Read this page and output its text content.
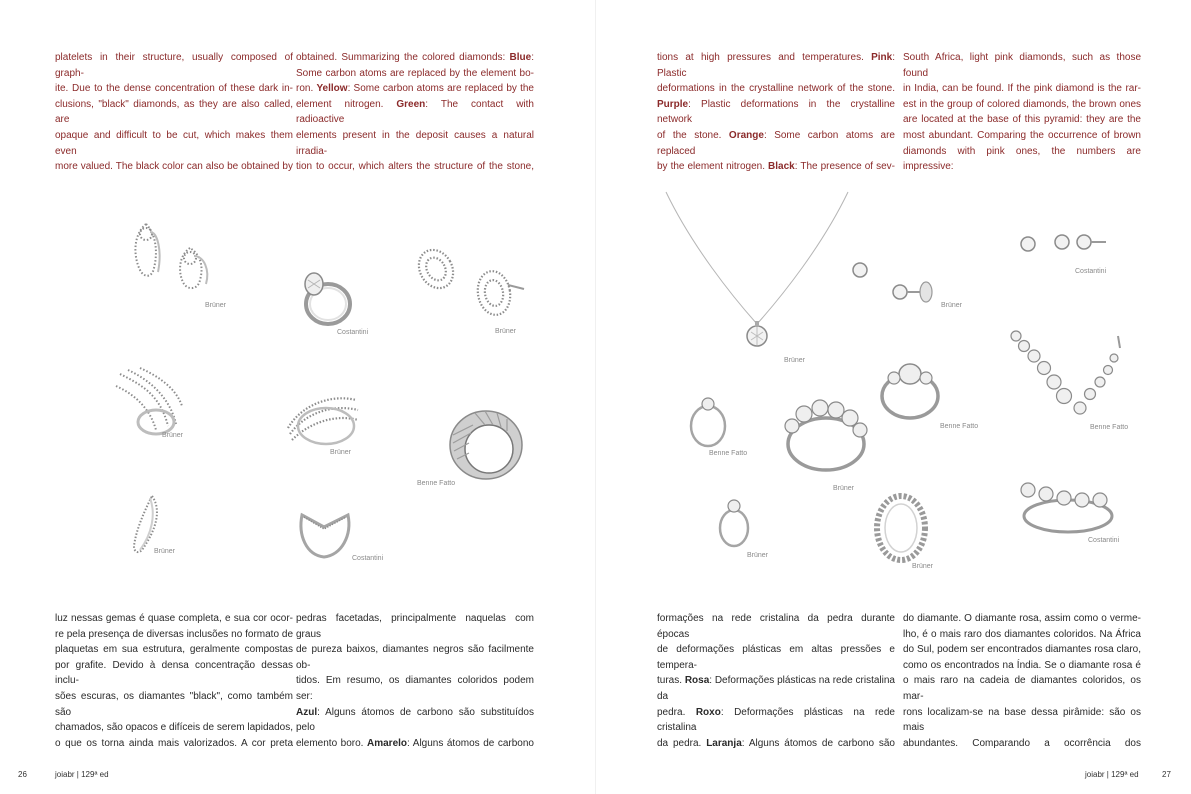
platelets in their structure, usually composed of graph-
ite. Due to the dense concentration of these dark in-
clusions, "black" diamonds, as they are also called, are
opaque and difficult to be cut, which makes them even
more valued. The black color can also be obtained by
obtained. Summarizing the colored diamonds: Blue:
Some carbon atoms are replaced by the element bo-
ron. Yellow: Some carbon atoms are replaced by the
element nitrogen. Green: The contact with radioactive
elements present in the deposit causes a natural irradia-
tion to occur, which alters the structure of the stone,
tions at high pressures and temperatures. Pink: Plastic
deformations in the crystalline network of the stone.
Purple: Plastic deformations in the crystalline network
of the stone. Orange: Some carbon atoms are replaced
by the element nitrogen. Black: The presence of sev-
South Africa, light pink diamonds, such as those found
in India, can be found. If the pink diamond is the rar-
est in the group of colored diamonds, the brown ones
are located at the base of this pyramid: they are the
most abundant. Comparing the occurrence of brown
diamonds with pink ones, the numbers are impressive:
luz nessas gemas é quase completa, e sua cor ocor-
re pela presença de diversas inclusões no formato de
plaquetas em sua estrutura, geralmente compostas
por grafite. Devido à densa concentração dessas inclu-
sões escuras, os diamantes "black", como também são
chamados, são opacos e difíceis de serem lapidados,
o que os torna ainda mais valorizados. A cor preta
pedras facetadas, principalmente naquelas com graus
de pureza baixos, diamantes negros são facilmente ob-
tidos. Em resumo, os diamantes coloridos podem ser:
Azul: Alguns átomos de carbono são substituídos pelo
elemento boro. Amarelo: Alguns átomos de carbono
formações na rede cristalina da pedra durante épocas
de deformações plásticas em altas pressões e tempera-
turas. Rosa: Deformações plásticas na rede cristalina da
pedra. Roxo: Deformações plásticas na rede cristalina
da pedra. Laranja: Alguns átomos de carbono são
do diamante. O diamante rosa, assim como o verme-
lho, é o mais raro dos diamantes coloridos. Na África
do Sul, podem ser encontrados diamantes rosa claro,
como os encontrados na Índia. Se o diamante rosa é
o mais raro na cadeia de diamantes coloridos, os mar-
rons localizam-se na base dessa pirâmide: são os mais
abundantes. Comparando a ocorrência dos
Brüner
Costantini	Brüner
Brüner
Brüner
Benne Fatto
Brüner
Costantini
Brüner
Brüner
Costantini
Benne Fatto	Benne Fatto
Brüner
Benne Fatto
Brüner
Brüner
Costantini
26	joiabr | 129ª ed	joiabr | 129ª ed	27
